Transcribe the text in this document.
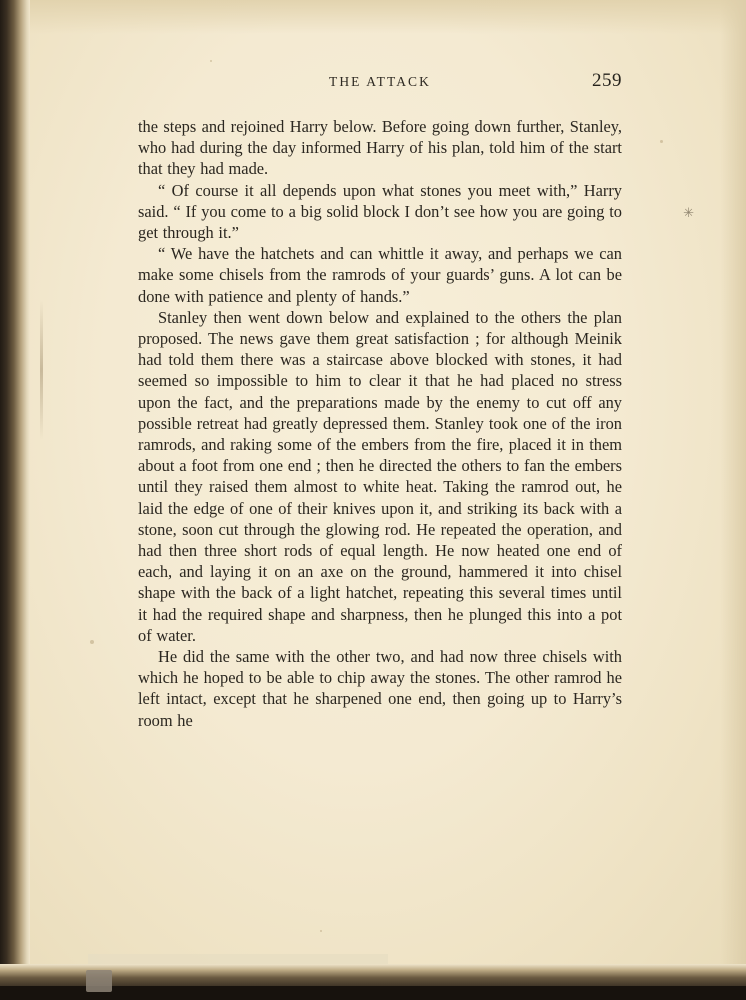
✳
THE ATTACK	259

the steps and rejoined Harry below. Before going down further, Stanley, who had during the day informed Harry of his plan, told him of the start that they had made.

“ Of course it all depends upon what stones you meet with,” Harry said. “ If you come to a big solid block I don’t see how you are going to get through it.”

“ We have the hatchets and can whittle it away, and perhaps we can make some chisels from the ramrods of your guards’ guns. A lot can be done with patience and plenty of hands.”

Stanley then went down below and explained to the others the plan proposed. The news gave them great satisfaction ; for although Meinik had told them there was a staircase above blocked with stones, it had seemed so impossible to him to clear it that he had placed no stress upon the fact, and the preparations made by the enemy to cut off any possible retreat had greatly depressed them. Stanley took one of the iron ramrods, and raking some of the embers from the fire, placed it in them about a foot from one end ; then he directed the others to fan the embers until they raised them almost to white heat. Taking the ramrod out, he laid the edge of one of their knives upon it, and striking its back with a stone, soon cut through the glowing rod. He repeated the operation, and had then three short rods of equal length. He now heated one end of each, and laying it on an axe on the ground, hammered it into chisel shape with the back of a light hatchet, repeating this several times until it had the required shape and sharpness, then he plunged this into a pot of water.

He did the same with the other two, and had now three chisels with which he hoped to be able to chip away the stones. The other ramrod he left intact, except that he sharpened one end, then going up to Harry’s room he
